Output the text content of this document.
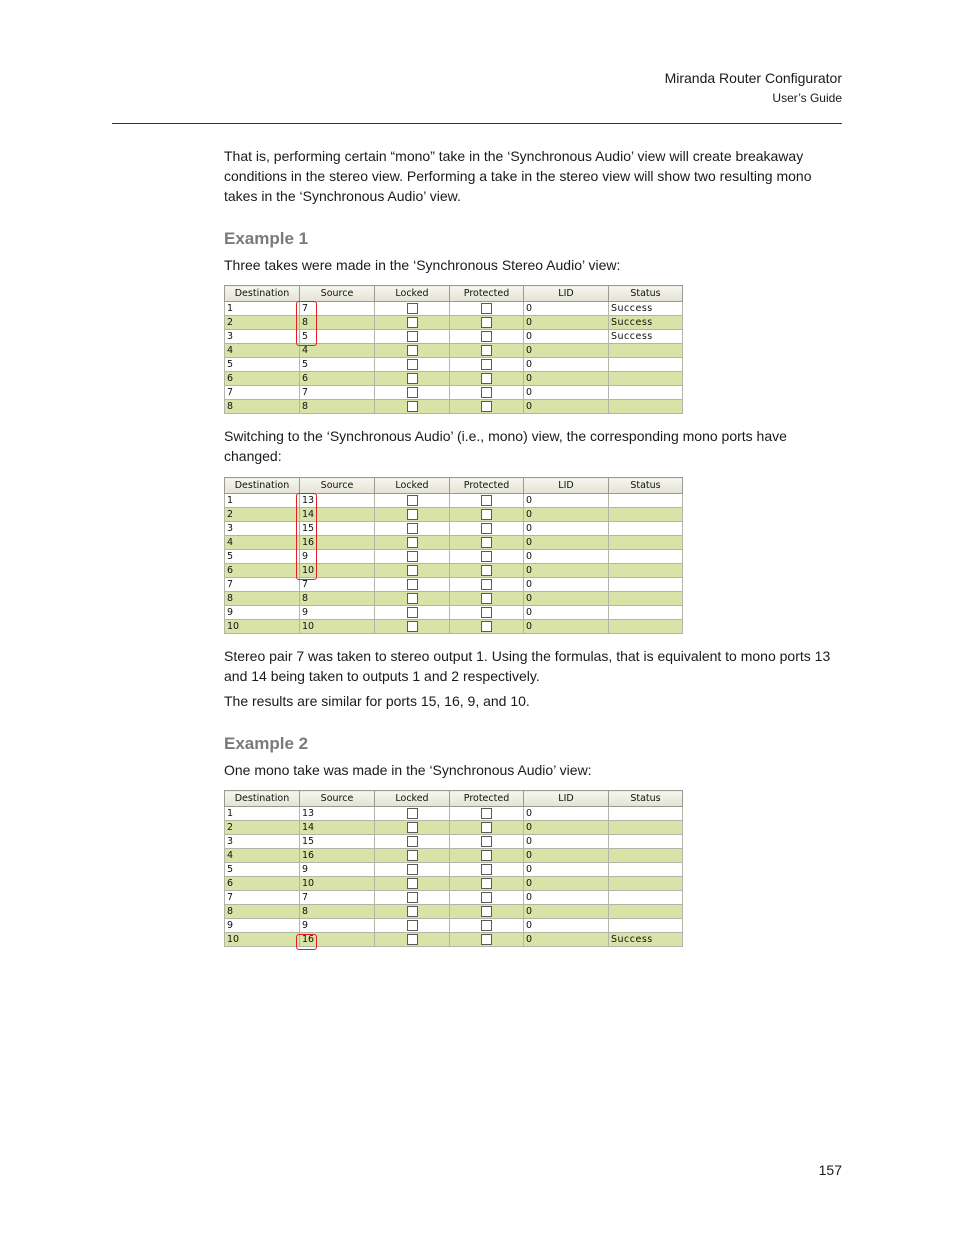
Miranda Router Configurator
User’s Guide

That is, performing certain “mono” take in the ‘Synchronous Audio’ view will create breakaway conditions in the stereo view. Performing a take in the stereo view will show two resulting mono takes in the ‘Synchronous Audio’ view.

Example 1

Three takes were made in the ‘Synchronous Stereo Audio’ view:

Destination	Source	Locked	Protected	LID	Status
1	7			0	Success
2	8			0	Success
3	5			0	Success
4	4			0	
5	5			0	
6	6			0	
7	7			0	
8	8			0	

Switching to the ‘Synchronous Audio’ (i.e., mono) view, the corresponding mono ports have changed:

Destination	Source	Locked	Protected	LID	Status
1	13			0	
2	14			0	
3	15			0	
4	16			0	
5	9			0	
6	10			0	
7	7			0	
8	8			0	
9	9			0	
10	10			0	

Stereo pair 7 was taken to stereo output 1. Using the formulas, that is equivalent to mono ports 13 and 14 being taken to outputs 1 and 2 respectively.

The results are similar for ports 15, 16, 9, and 10.

Example 2

One mono take was made in the ‘Synchronous Audio’ view:

Destination	Source	Locked	Protected	LID	Status
1	13			0	
2	14			0	
3	15			0	
4	16			0	
5	9			0	
6	10			0	
7	7			0	
8	8			0	
9	9			0	
10	16			0	Success
157
